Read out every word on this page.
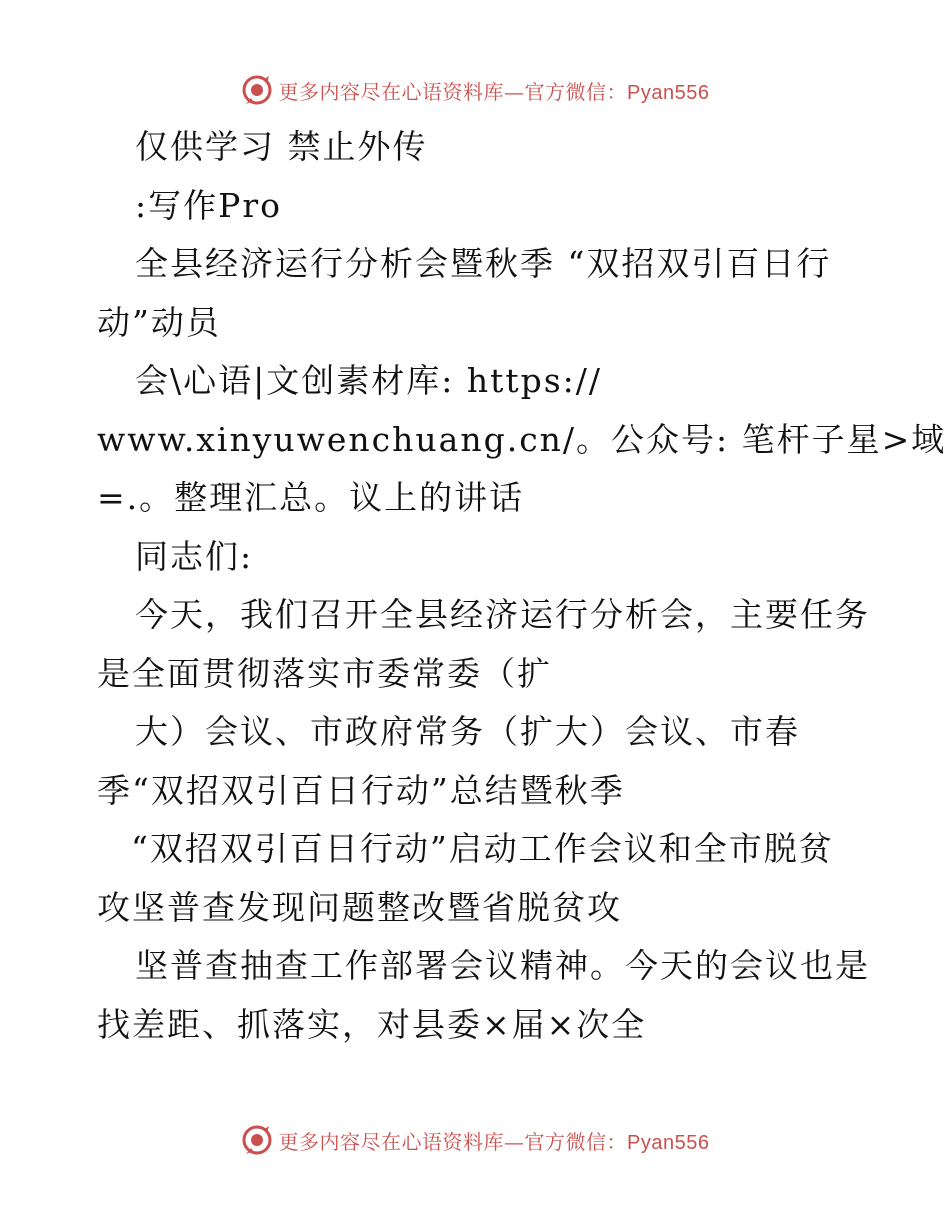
更多内容尽在心语资料库—官方微信：Pyan556
仅供学习 禁止外传
:写作Pro
全县经济运行分析会暨秋季 “双招双引百日行
动”动员
会\心语|文创素材库: https://
www.xinyuwenchuang.cn/。公众号: 笔杆子星>域
=.。整理汇总。议上的讲话
同志们:
今天，我们召开全县经济运行分析会，主要任务
是全面贯彻落实市委常委（扩
大）会议、市政府常务（扩大）会议、市春
季“双招双引百日行动”总结暨秋季
“双招双引百日行动”启动工作会议和全市脱贫
攻坚普查发现问题整改暨省脱贫攻
坚普查抽查工作部署会议精神。今天的会议也是
找差距、抓落实，对县委×届×次全
更多内容尽在心语资料库—官方微信：Pyan556
